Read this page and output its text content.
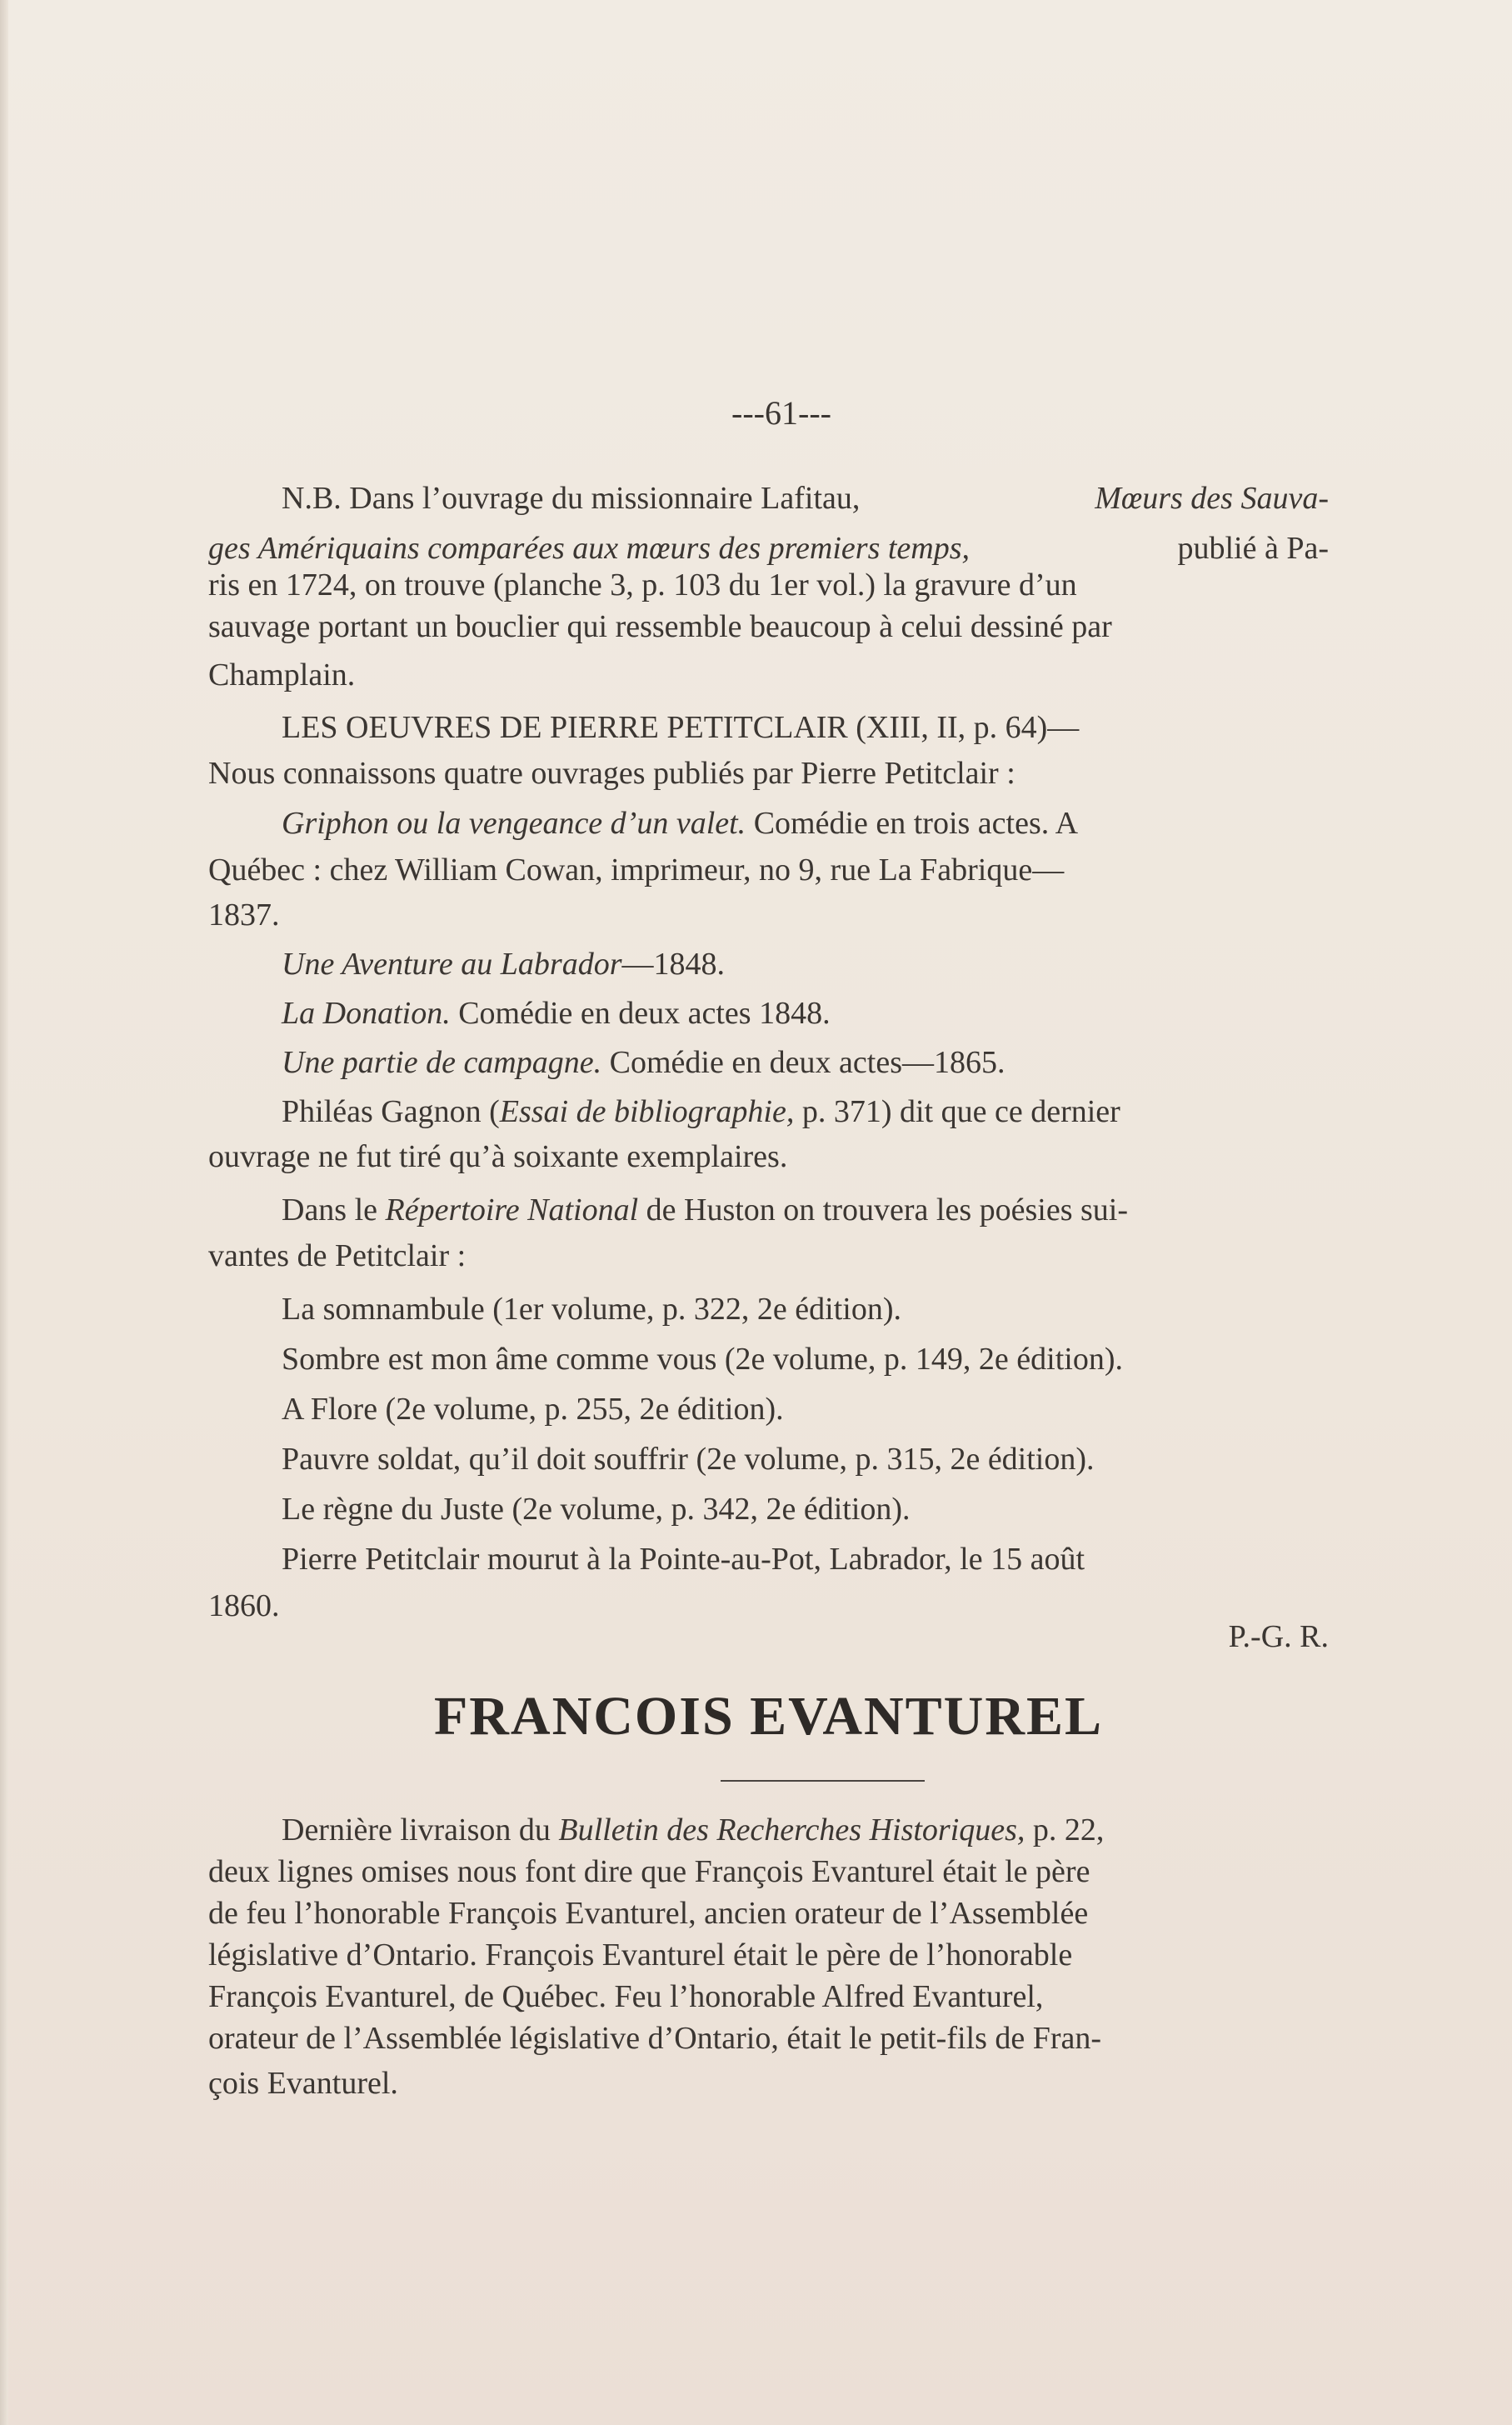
---61---
N.B. Dans l’ouvrage du missionnaire Lafitau,	Mœurs des Sauva-
ges Amériquains comparées aux mœurs des premiers temps,	publié à Pa-
ris en 1724, on trouve (planche 3, p. 103 du 1er vol.) la gravure d’un
sauvage portant un bouclier qui ressemble beaucoup à celui dessiné par
Champlain.
LES OEUVRES DE PIERRE PETITCLAIR (XIII, II, p. 64)—
Nous connaissons quatre ouvrages publiés par Pierre Petitclair :
Griphon ou la vengeance d’un valet. Comédie en trois actes. A
Québec : chez William Cowan, imprimeur, no 9, rue La Fabrique—
1837.
Une Aventure au Labrador—1848.
La Donation. Comédie en deux actes 1848.
Une partie de campagne. Comédie en deux actes—1865.
Philéas Gagnon (Essai de bibliographie, p. 371) dit que ce dernier
ouvrage ne fut tiré qu’à soixante exemplaires.
Dans le Répertoire National de Huston on trouvera les poésies sui-
vantes de Petitclair :
La somnambule (1er volume, p. 322, 2e édition).
Sombre est mon âme comme vous (2e volume, p. 149, 2e édition).
A Flore (2e volume, p. 255, 2e édition).
Pauvre soldat, qu’il doit souffrir (2e volume, p. 315, 2e édition).
Le règne du Juste (2e volume, p. 342, 2e édition).
Pierre Petitclair mourut à la Pointe-au-Pot, Labrador, le 15 août
1860.
P.-G. R.
Dernière livraison du Bulletin des Recherches Historiques, p. 22,
deux lignes omises nous font dire que François Evanturel était le père
de feu l’honorable François Evanturel, ancien orateur de l’Assemblée
législative d’Ontario. François Evanturel était le père de l’honorable
François Evanturel, de Québec. Feu l’honorable Alfred Evanturel,
orateur de l’Assemblée législative d’Ontario, était le petit-fils de Fran-
çois Evanturel.
FRANCOIS EVANTUREL
